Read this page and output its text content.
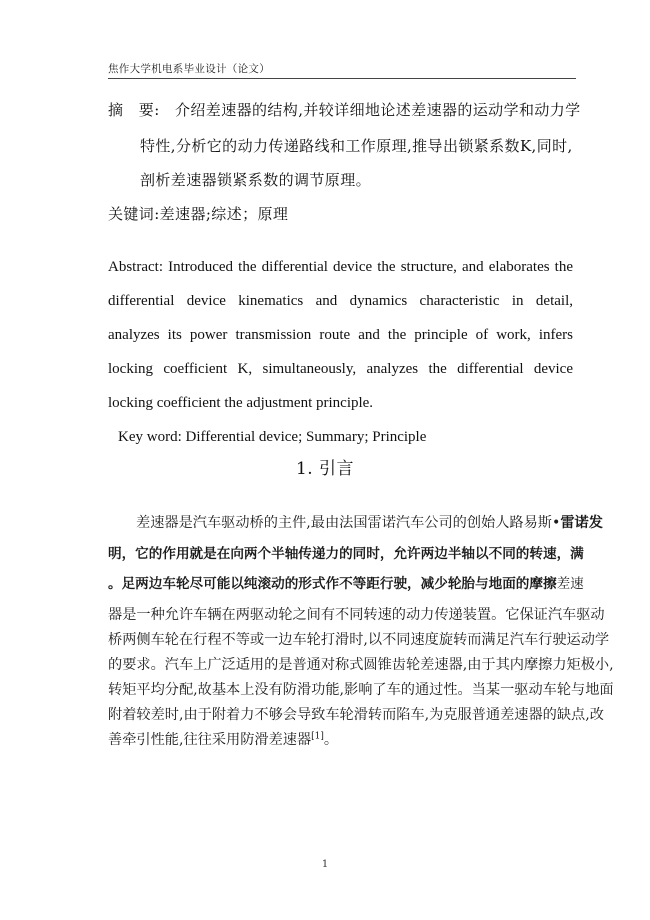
焦作大学机电系毕业设计（论文）
摘　要: 介绍差速器的结构,并较详细地论述差速器的运动学和动力学
特性,分析它的动力传递路线和工作原理,推导出锁紧系数K,同时,
剖析差速器锁紧系数的调节原理。
关键词:差速器;综述；原理
Abstract: Introduced the differential device the structure, and elaborates the
differential device kinematics and dynamics characteristic in detail,
analyzes its power transmission route and the principle of work, infers
locking coefficient K, simultaneously, analyzes the differential device
locking coefficient the adjustment principle.
Key word: Differential device; Summary; Principle
1. 引言
差速器是汽车驱动桥的主件,最由法国雷诺汽车公司的创始人路易斯•雷诺发
明，它的作用就是在向两个半轴传递力的同时，允许两边半轴以不同的转速，满
。足两边车轮尽可能以纯滚动的形式作不等距行驶，减少轮胎与地面的摩擦差速
器是一种允许车辆在两驱动轮之间有不同转速的动力传递装置。它保证汽车驱动
桥两侧车轮在行程不等或一边车轮打滑时,以不同速度旋转而满足汽车行驶运动学
的要求。汽车上广泛适用的是普通对称式圆锥齿轮差速器,由于其内摩擦力矩极小,
转矩平均分配,故基本上没有防滑功能,影响了车的通过性。当某一驱动车轮与地面
附着较差时,由于附着力不够会导致车轮滑转而陷车,为克服普通差速器的缺点,改
善牵引性能,往往采用防滑差速器[1]。
1
